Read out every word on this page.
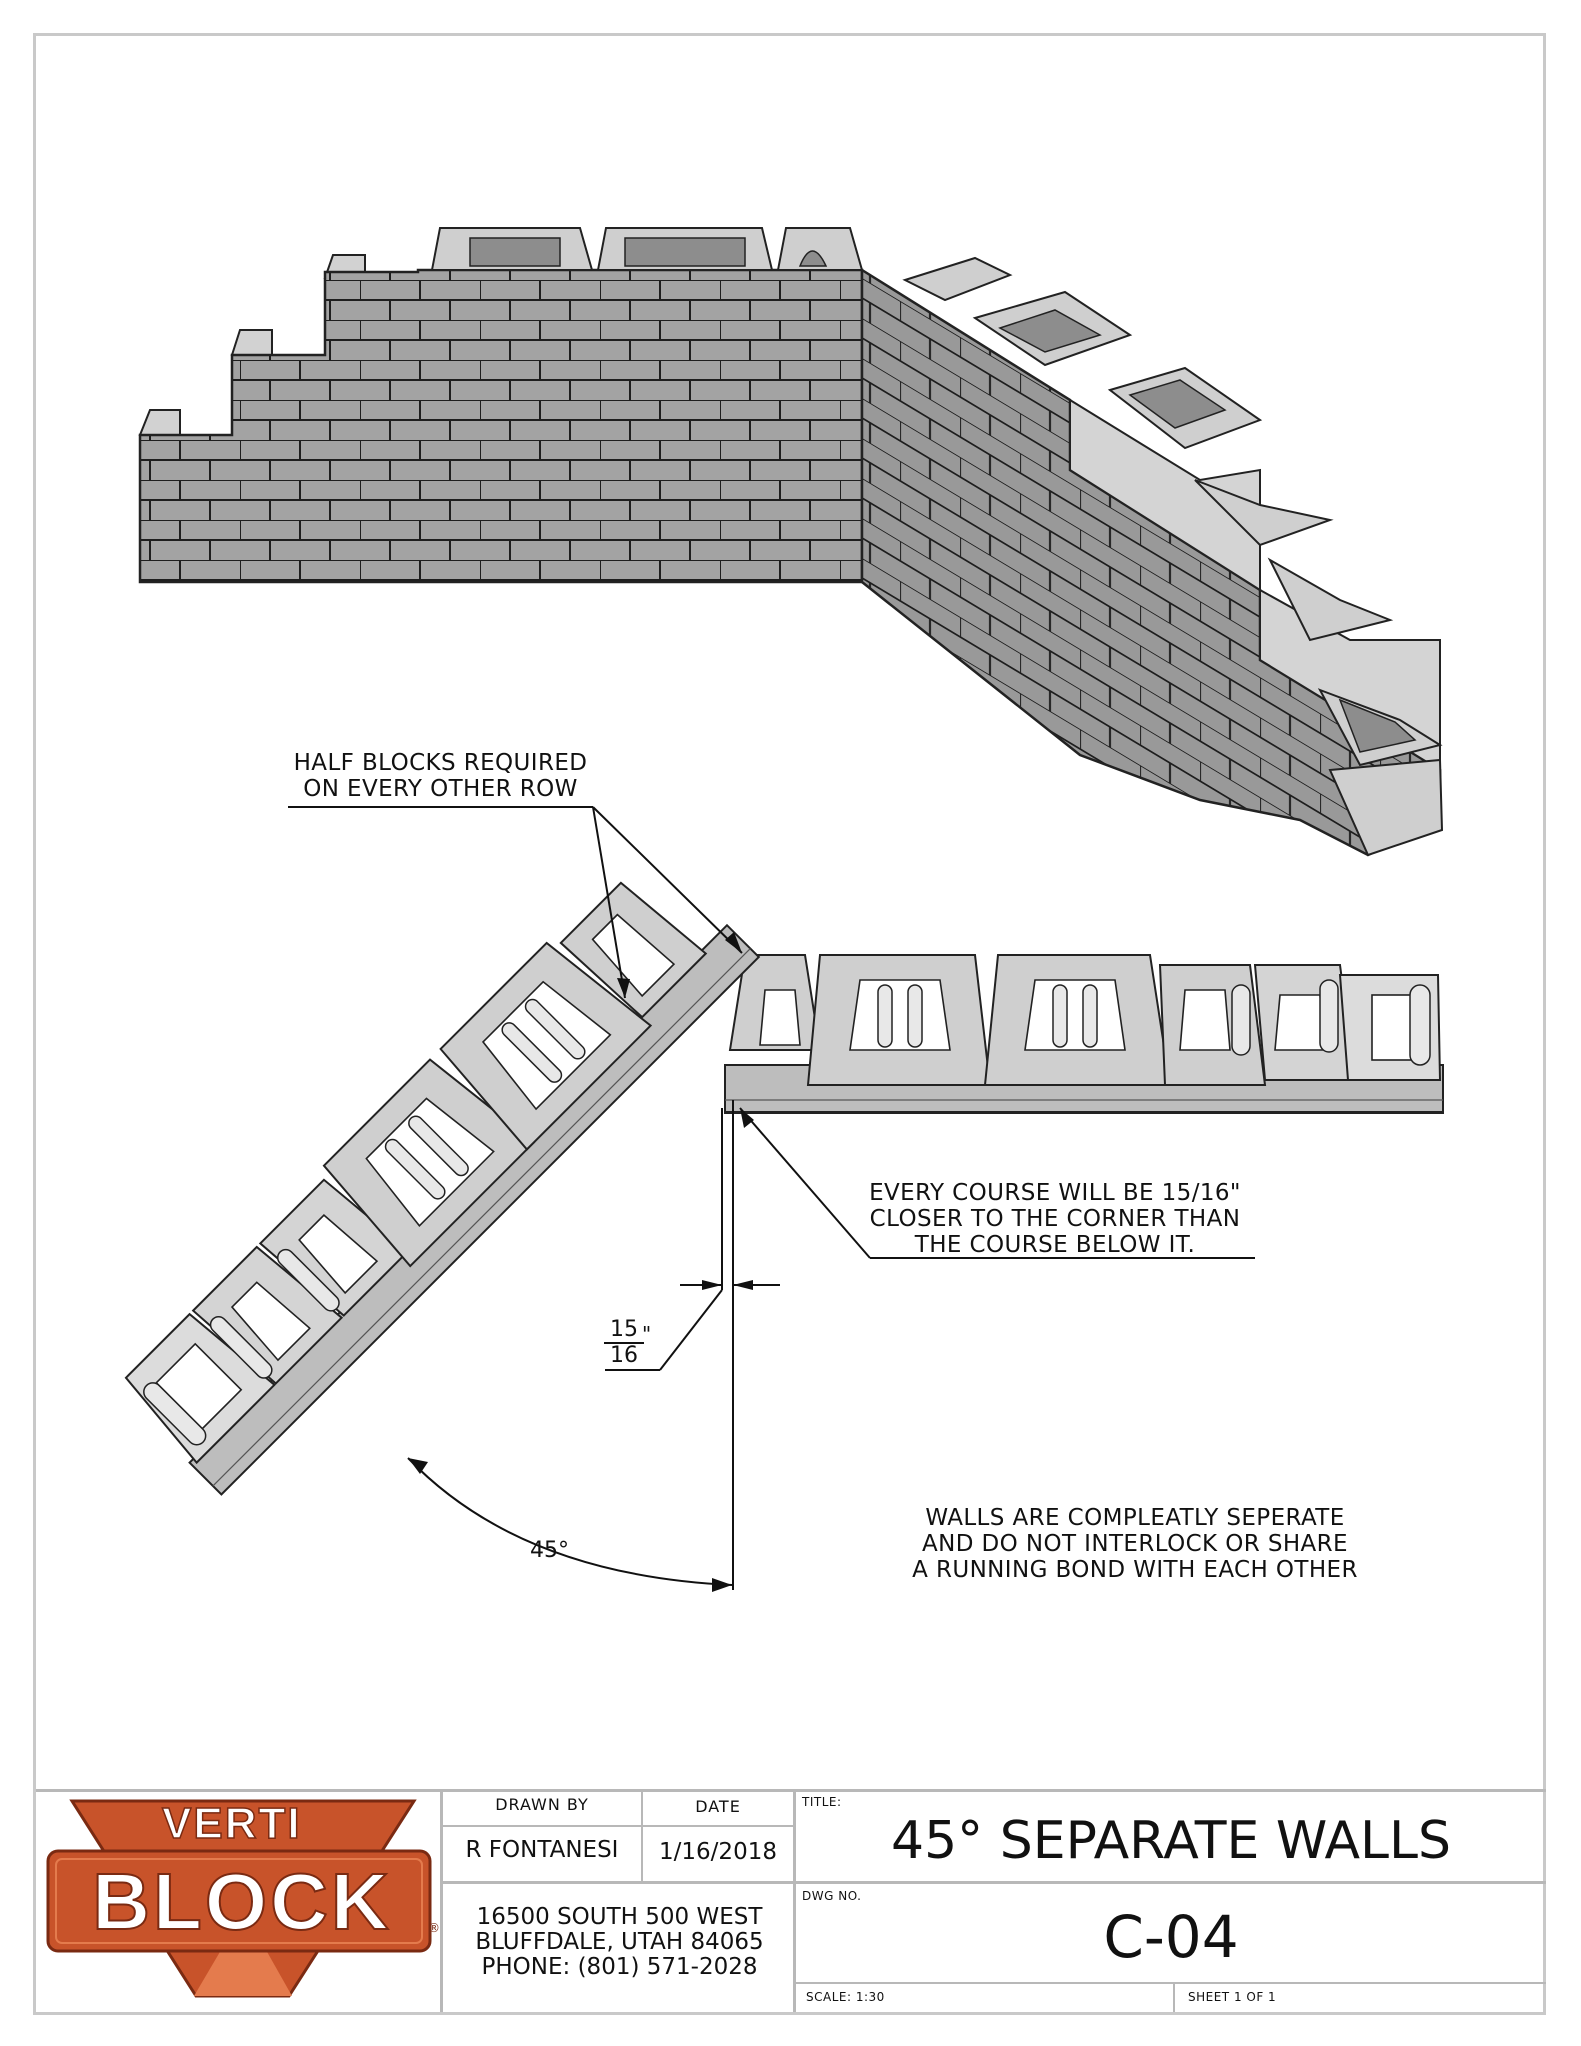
HALF BLOCKS REQUIRED
ON EVERY OTHER ROW
EVERY COURSE WILL BE 15/16"
CLOSER TO THE CORNER THAN
THE COURSE BELOW IT.
WALLS ARE COMPLEATLY SEPERATE
AND DO NOT INTERLOCK OR SHARE
A RUNNING BOND WITH EACH OTHER
$\frac{15}{16}$
"
45°
VERTI
BLOCK	®
DRAWN BY	DATE
R FONTANESI	1/16/2018
16500 SOUTH 500 WEST
BLUFFDALE, UTAH 84065
PHONE: (801) 571-2028
TITLE:
45° SEPARATE WALLS
DWG NO.
C-04
SCALE: 1:30	SHEET 1 OF 1
